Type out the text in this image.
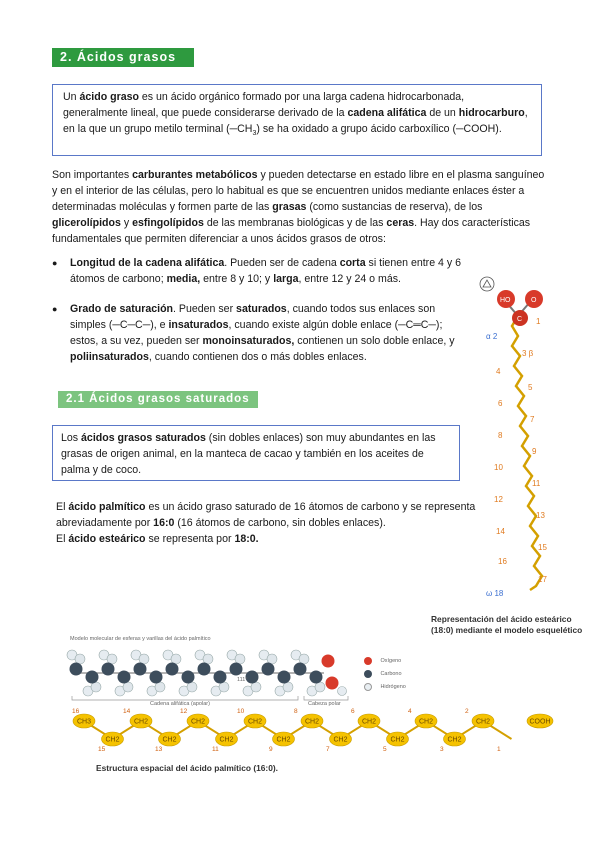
2. Ácidos grasos
Un ácido graso es un ácido orgánico formado por una larga cadena hidrocarbonada, generalmente lineal, que puede considerarse derivado de la cadena alifática de un hidrocarburo, en la que un grupo metilo terminal $(─CH_3)$ se ha oxidado a grupo ácido carboxílico (─COOH).
Son importantes carburantes metabólicos y pueden detectarse en estado libre en el plasma sanguíneo y en el interior de las células, pero lo habitual es que se encuentren unidos mediante enlaces éster a determinadas moléculas y formen parte de las grasas (como sustancias de reserva), de los glicerolípidos y esfingolípidos de las membranas biológicas y de las ceras. Hay dos características fundamentales que permiten diferenciar a unos ácidos grasos de otros:
● Longitud de la cadena alifática. Pueden ser de cadena corta si tienen entre 4 y 6 átomos de carbono; media, entre 8 y 10; y larga, entre 12 y 24 o más.
● Grado de saturación. Pueden ser saturados, cuando todos sus enlaces son simples (─C─C─), e insaturados, cuando existe algún doble enlace (─C═C─); estos, a su vez, pueden ser monoinsaturados, contienen un solo doble enlace, y poliinsaturados, cuando contienen dos o más dobles enlaces.
2.1 Ácidos grasos saturados
Los ácidos grasos saturados (sin dobles enlaces) son muy abundantes en las grasas de origen animal, en la manteca de cacao y también en los aceites de palma y de coco.
El ácido palmítico es un ácido graso saturado de 16 átomos de carbono y se representa abreviadamente por 16:0 (16 átomos de carbono, sin dobles enlaces).
El ácido esteárico se representa por 18:0.
HO	O
C 1
α 2
3 β
4
5
6
7
8
9
10
11
12
13
14
15
16
17
ω 18
Representación del ácido esteárico
(18:0) mediante el modelo esquelético
Modelo molecular de esferas y varillas del ácido palmítico
111°
Oxígeno
Carbono
Hidrógeno
Cadena alifática (apolar)	Cabeza polar
CH3	CH2	CH2	CH2	CH2	CH2	CH2	CH2	COOH
CH2	CH2	CH2	CH2	CH2	CH2	CH2
16	14	12	10	8	6	4	2
15	13	11	9	7	5	3	1
Estructura espacial del ácido palmítico (16:0).
